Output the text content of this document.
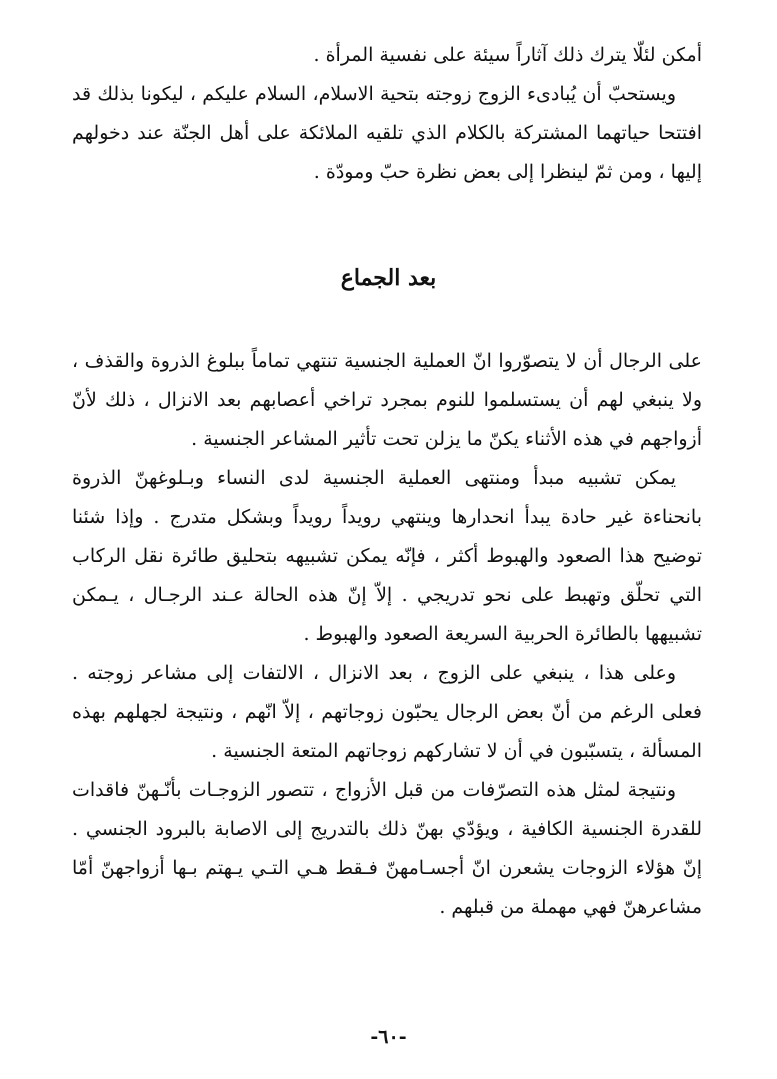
أمكن لئلّا يترك ذلك آثاراً سيئة على نفسية المرأة .

ويستحبّ أن يُبادىء الزوج زوجته بتحية الاسلام، السلام عليكم ، ليكونا بذلك قد افتتحا حياتهما المشتركة بالكلام الذي تلقيه الملائكة على أهل الجنّة عند دخولهم إليها ، ومن ثمّ لينظرا إلى بعض نظرة حبّ ومودّة .

بعد الجماع

على الرجال أن لا يتصوّروا انّ العملية الجنسية تنتهي تماماً ببلوغ الذروة والقذف ، ولا ينبغي لهم أن يستسلموا للنوم بمجرد تراخي أعصابهم بعد الانزال ، ذلك لأنّ أزواجهم في هذه الأثناء يكنّ ما يزلن تحت تأثير المشاعر الجنسية .

يمكن تشبيه مبدأ ومنتهى العملية الجنسية لدى النساء وبـلوغهنّ الذروة بانحناءة غير حادة يبدأ انحدارها وينتهي رويداً رويداً وبشكل متدرج . وإذا شئنا توضيح هذا الصعود والهبوط أكثر ، فإنّه يمكن تشبيهه بتحليق طائرة نقل الركاب التي تحلّق وتهبط على نحو تدريجي . إلاّ إنّ هذه الحالة عـند الرجـال ، يـمكن تشبيهها بالطائرة الحربية السريعة الصعود والهبوط .

وعلى هذا ، ينبغي على الزوج ، بعد الانزال ، الالتفات إلى مشاعر زوجته . فعلى الرغم من أنّ بعض الرجال يحبّون زوجاتهم ، إلاّ انّهم ، ونتيجة لجهلهم بهذه المسألة ، يتسبّبون في أن لا تشاركهم زوجاتهم المتعة الجنسية .

ونتيجة لمثل هذه التصرّفات من قبل الأزواج ، تتصور الزوجـات بأنّـهنّ فاقدات للقدرة الجنسية الكافية ، ويؤدّي بهنّ ذلك بالتدريج إلى الاصابة بالبرود الجنسي . إنّ هؤلاء الزوجات يشعرن انّ أجسـامهنّ فـقط هـي التـي يـهتم بـها أزواجهنّ أمّا مشاعرهنّ فهي مهملة من قبلهم .

-٦٠-
